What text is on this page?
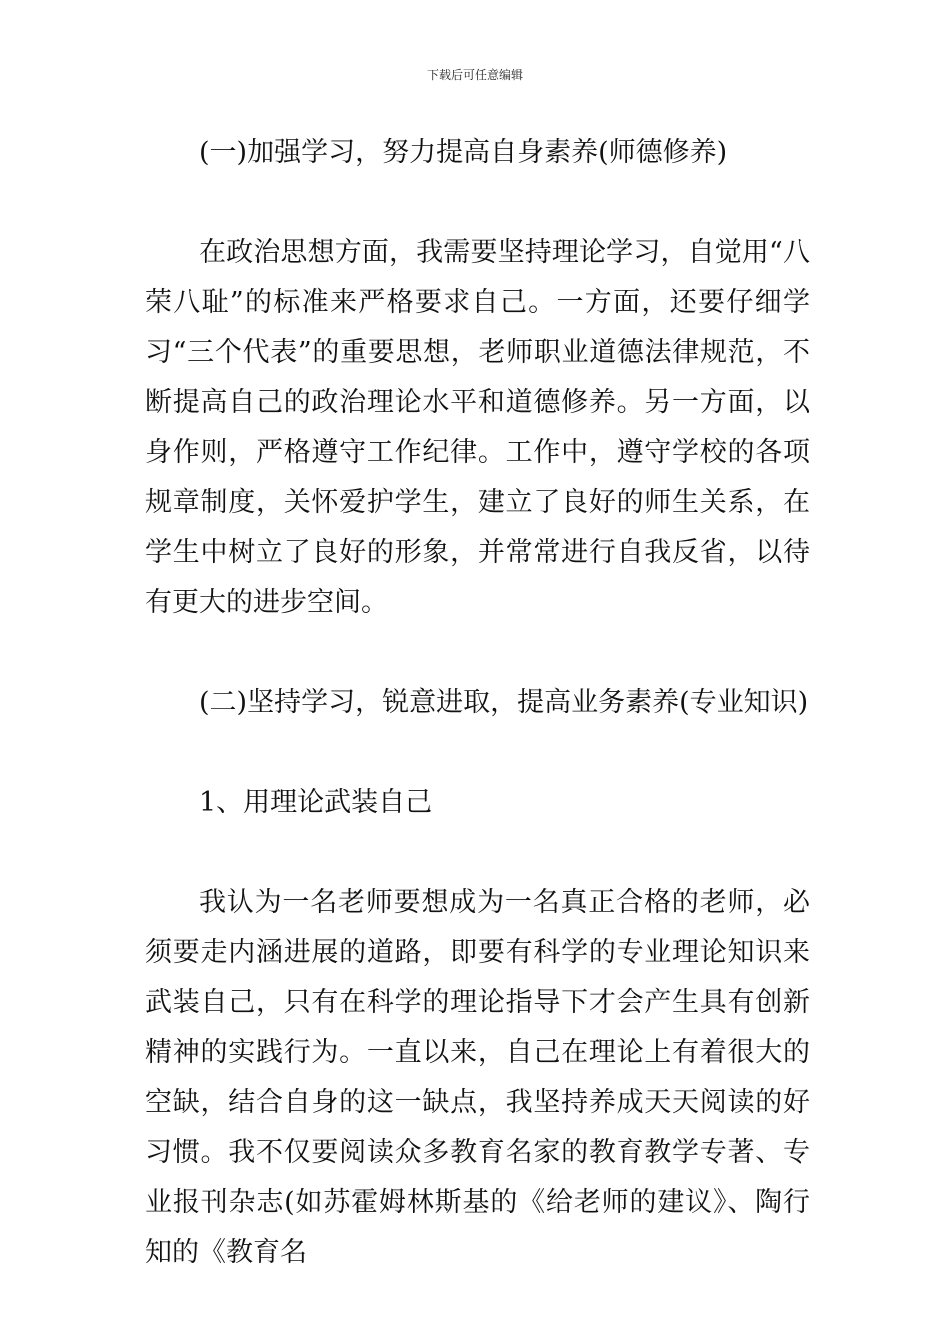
下载后可任意编辑

(一)加强学习，努力提高自身素养(师德修养)

在政治思想方面，我需要坚持理论学习，自觉用“八荣八耻”的标准来严格要求自己。一方面，还要仔细学习“三个代表”的重要思想，老师职业道德法律规范，不断提高自己的政治理论水平和道德修养。另一方面，以身作则，严格遵守工作纪律。工作中，遵守学校的各项规章制度，关怀爱护学生，建立了良好的师生关系，在学生中树立了良好的形象，并常常进行自我反省，以待有更大的进步空间。

(二)坚持学习，锐意进取，提高业务素养(专业知识)

1、用理论武装自己

我认为一名老师要想成为一名真正合格的老师，必须要走内涵进展的道路，即要有科学的专业理论知识来武装自己，只有在科学的理论指导下才会产生具有创新精神的实践行为。一直以来，自己在理论上有着很大的空缺，结合自身的这一缺点，我坚持养成天天阅读的好习惯。我不仅要阅读众多教育名家的教育教学专著、专业报刊杂志(如苏霍姆林斯基的《给老师的建议》、陶行知的《教育名
